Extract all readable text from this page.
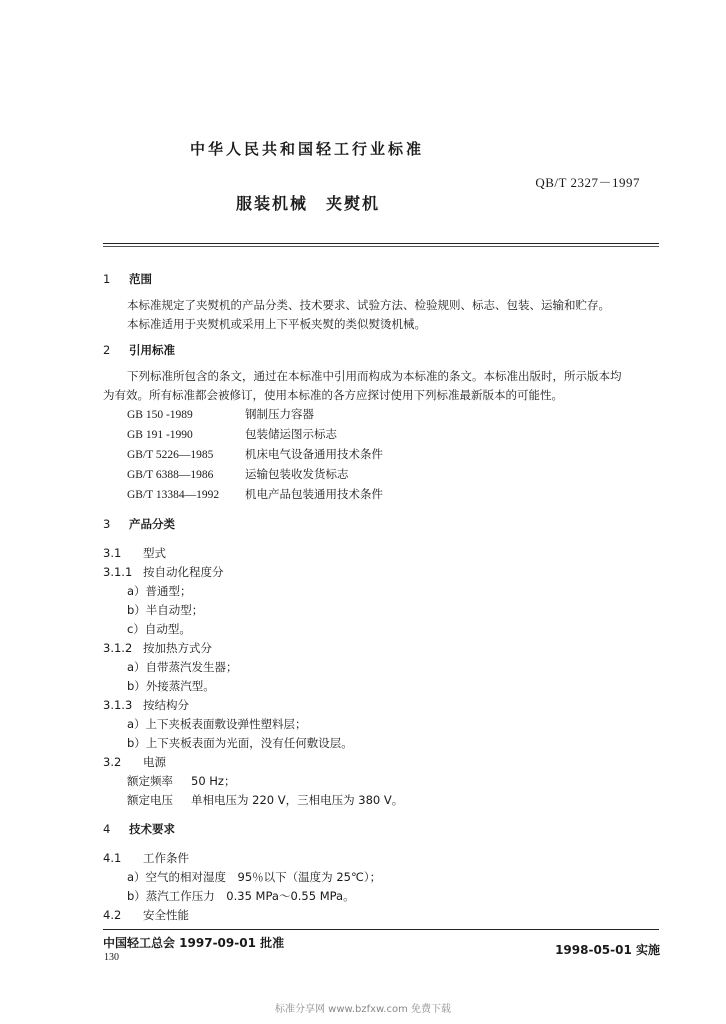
中华人民共和国轻工行业标准
QB/T 2327－1997
服装机械 夹熨机
1 范围
本标准规定了夹熨机的产品分类、技术要求、试验方法、检验规则、标志、包装、运输和贮存。
本标准适用于夹熨机或采用上下平板夹熨的类似熨烫机械。
2 引用标准
下列标准所包含的条文，通过在本标准中引用而构成为本标准的条文。本标准出版时，所示版本均
为有效。所有标准都会被修订，使用本标准的各方应探讨使用下列标准最新版本的可能性。
GB 150 -1989	钢制压力容器
GB 191 -1990	包装储运图示标志
GB/T 5226—1985	机床电气设备通用技术条件
GB/T 6388—1986	运输包装收发货标志
GB/T 13384—1992 机电产品包装通用技术条件
3 产品分类
3.1 型式
3.1.1 按自动化程度分
a）普通型；
b）半自动型；
c）自动型。
3.1.2 按加热方式分
a）自带蒸汽发生器；
b）外接蒸汽型。
3.1.3 按结构分
a）上下夹板表面敷设弹性塑料层；
b）上下夹板表面为光面，没有任何敷设层。
3.2 电源
额定频率 50 Hz；
额定电压 单相电压为 220 V，三相电压为 380 V。
4 技术要求
4.1 工作条件
a）空气的相对湿度　95％以下（温度为 25℃）；
b）蒸汽工作压力　0.35 MPa～0.55 MPa。
4.2 安全性能
中国轻工总会 1997-09-01 批准	1998-05-01 实施
130
标准分享网 www.bzfxw.com 免费下载
